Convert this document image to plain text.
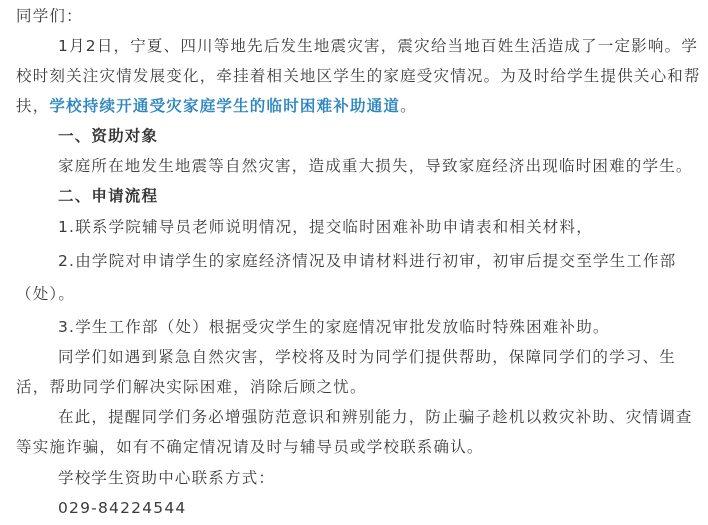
同学们：
1月2日，宁夏、四川等地先后发生地震灾害，震灾给当地百姓生活造成了一定影响。学
校时刻关注灾情发展变化，牵挂着相关地区学生的家庭受灾情况。为及时给学生提供关心和帮
扶，学校持续开通受灾家庭学生的临时困难补助通道。
一、资助对象
家庭所在地发生地震等自然灾害，造成重大损失，导致家庭经济出现临时困难的学生。
二、申请流程
1.联系学院辅导员老师说明情况，提交临时困难补助申请表和相关材料，
2.由学院对申请学生的家庭经济情况及申请材料进行初审，初审后提交至学生工作部
（处）。
3.学生工作部（处）根据受灾学生的家庭情况审批发放临时特殊困难补助。
同学们如遇到紧急自然灾害，学校将及时为同学们提供帮助，保障同学们的学习、生
活，帮助同学们解决实际困难，消除后顾之忧。
在此，提醒同学们务必增强防范意识和辨别能力，防止骗子趁机以救灾补助、灾情调查
等实施诈骗，如有不确定情况请及时与辅导员或学校联系确认。
学校学生资助中心联系方式：
029-84224544
